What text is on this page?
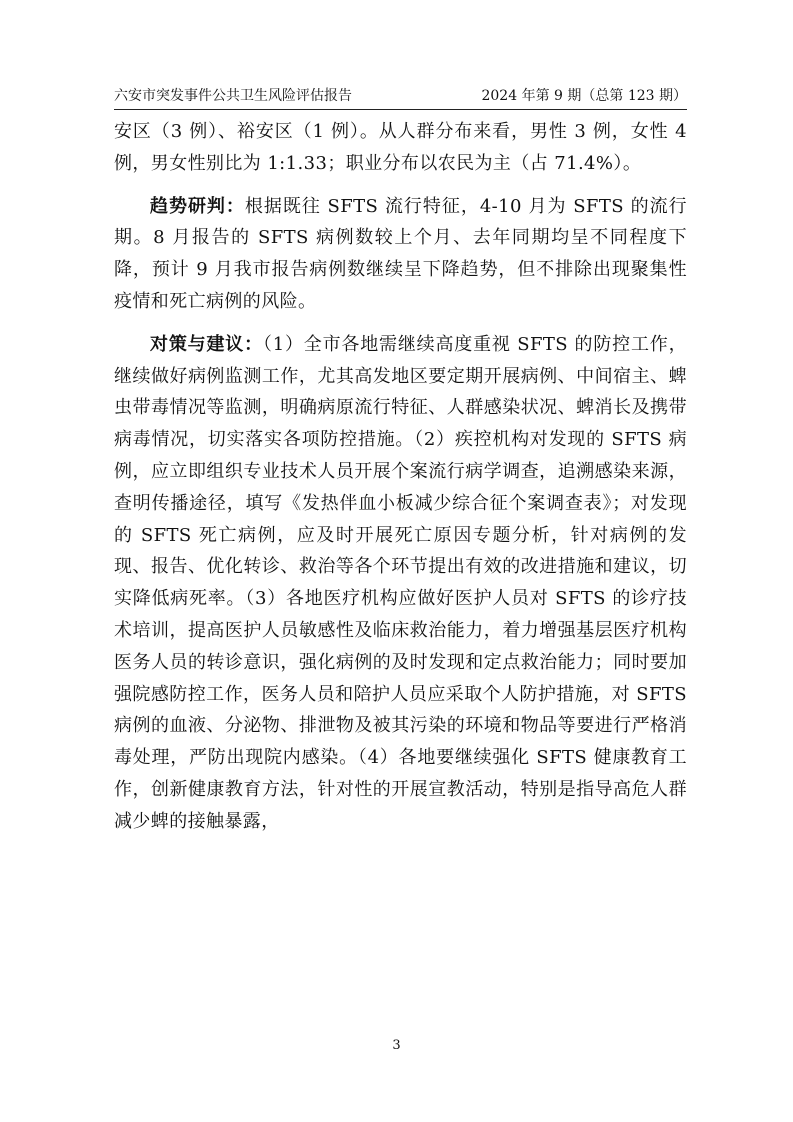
六安市突发事件公共卫生风险评估报告	2024 年第 9 期（总第 123 期）

安区（3 例）、裕安区（1 例）。从人群分布来看，男性 3 例，女性 4 例，男女性别比为 1:1.33；职业分布以农民为主（占 71.4%）。

趋势研判：根据既往 SFTS 流行特征，4-10 月为 SFTS 的流行期。8 月报告的 SFTS 病例数较上个月、去年同期均呈不同程度下降，预计 9 月我市报告病例数继续呈下降趋势，但不排除出现聚集性疫情和死亡病例的风险。

对策与建议：（1）全市各地需继续高度重视 SFTS 的防控工作，继续做好病例监测工作，尤其高发地区要定期开展病例、中间宿主、蜱虫带毒情况等监测，明确病原流行特征、人群感染状况、蜱消长及携带病毒情况，切实落实各项防控措施。（2）疾控机构对发现的 SFTS 病例，应立即组织专业技术人员开展个案流行病学调查，追溯感染来源，查明传播途径，填写《发热伴血小板减少综合征个案调查表》；对发现的 SFTS 死亡病例，应及时开展死亡原因专题分析，针对病例的发现、报告、优化转诊、救治等各个环节提出有效的改进措施和建议，切实降低病死率。（3）各地医疗机构应做好医护人员对 SFTS 的诊疗技术培训，提高医护人员敏感性及临床救治能力，着力增强基层医疗机构医务人员的转诊意识，强化病例的及时发现和定点救治能力；同时要加强院感防控工作，医务人员和陪护人员应采取个人防护措施，对 SFTS 病例的血液、分泌物、排泄物及被其污染的环境和物品等要进行严格消毒处理，严防出现院内感染。（4）各地要继续强化 SFTS 健康教育工作，创新健康教育方法，针对性的开展宣教活动，特别是指导高危人群减少蜱的接触暴露，

3
